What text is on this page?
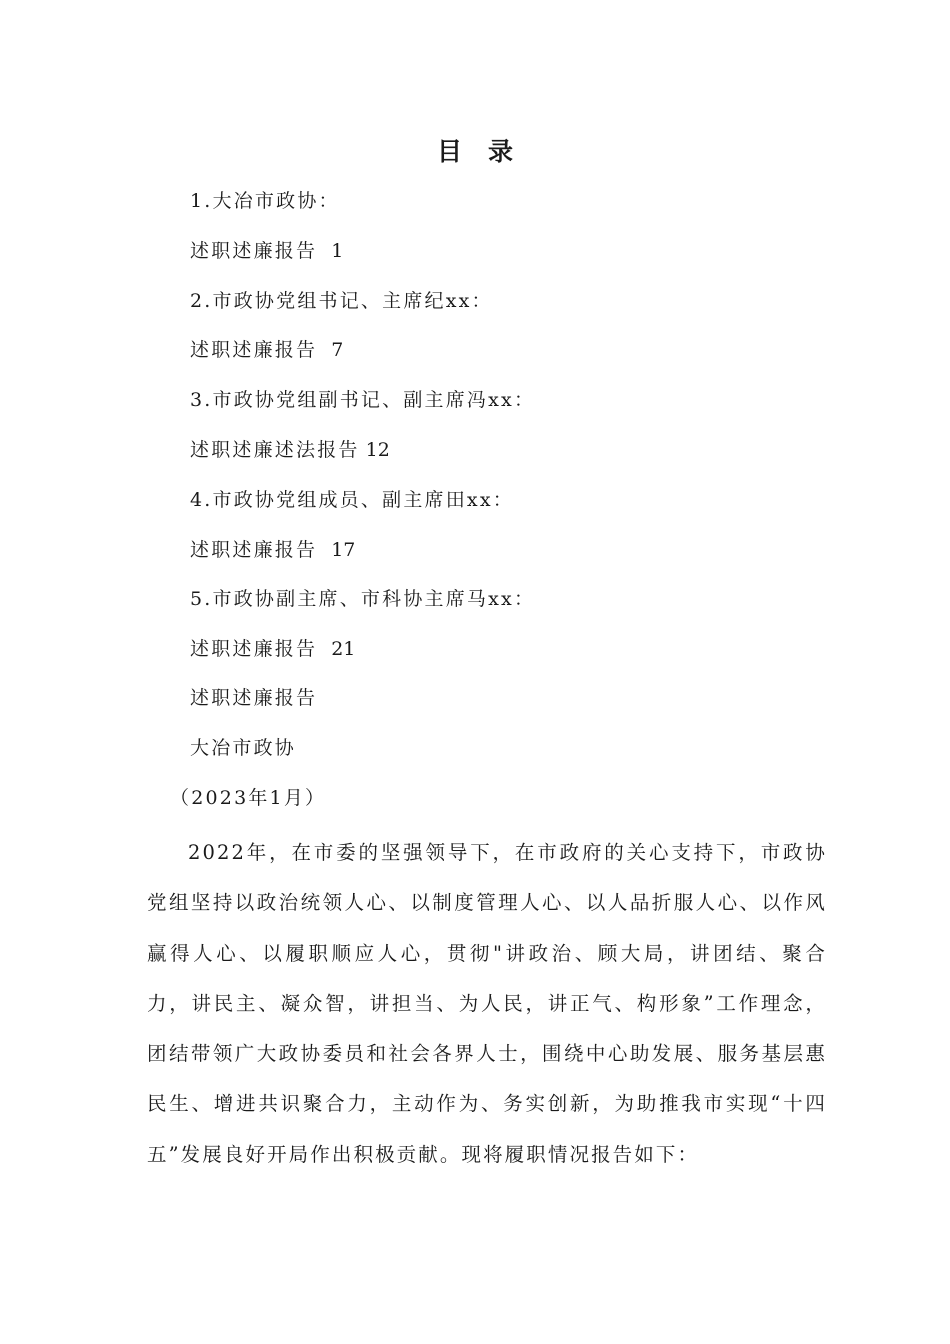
目录
1.大冶市政协：
述职述廉报告 1
2.市政协党组书记、主席纪xx：
述职述廉报告 7
3.市政协党组副书记、副主席冯xx：
述职述廉述法报告 12
4.市政协党组成员、副主席田xx：
述职述廉报告 17
5.市政协副主席、市科协主席马xx：
述职述廉报告 21
述职述廉报告
大冶市政协
（2023年1月）

2022年，在市委的坚强领导下，在市政府的关心支持下，市政协党组坚持以政治统领人心、以制度管理人心、以人品折服人心、以作风赢得人心、以履职顺应人心，贯彻"讲政治、顾大局，讲团结、聚合力，讲民主、凝众智，讲担当、为人民，讲正气、构形象”工作理念，团结带领广大政协委员和社会各界人士，围绕中心助发展、服务基层惠民生、增进共识聚合力，主动作为、务实创新，为助推我市实现“十四五”发展良好开局作出积极贡献。现将履职情况报告如下：
